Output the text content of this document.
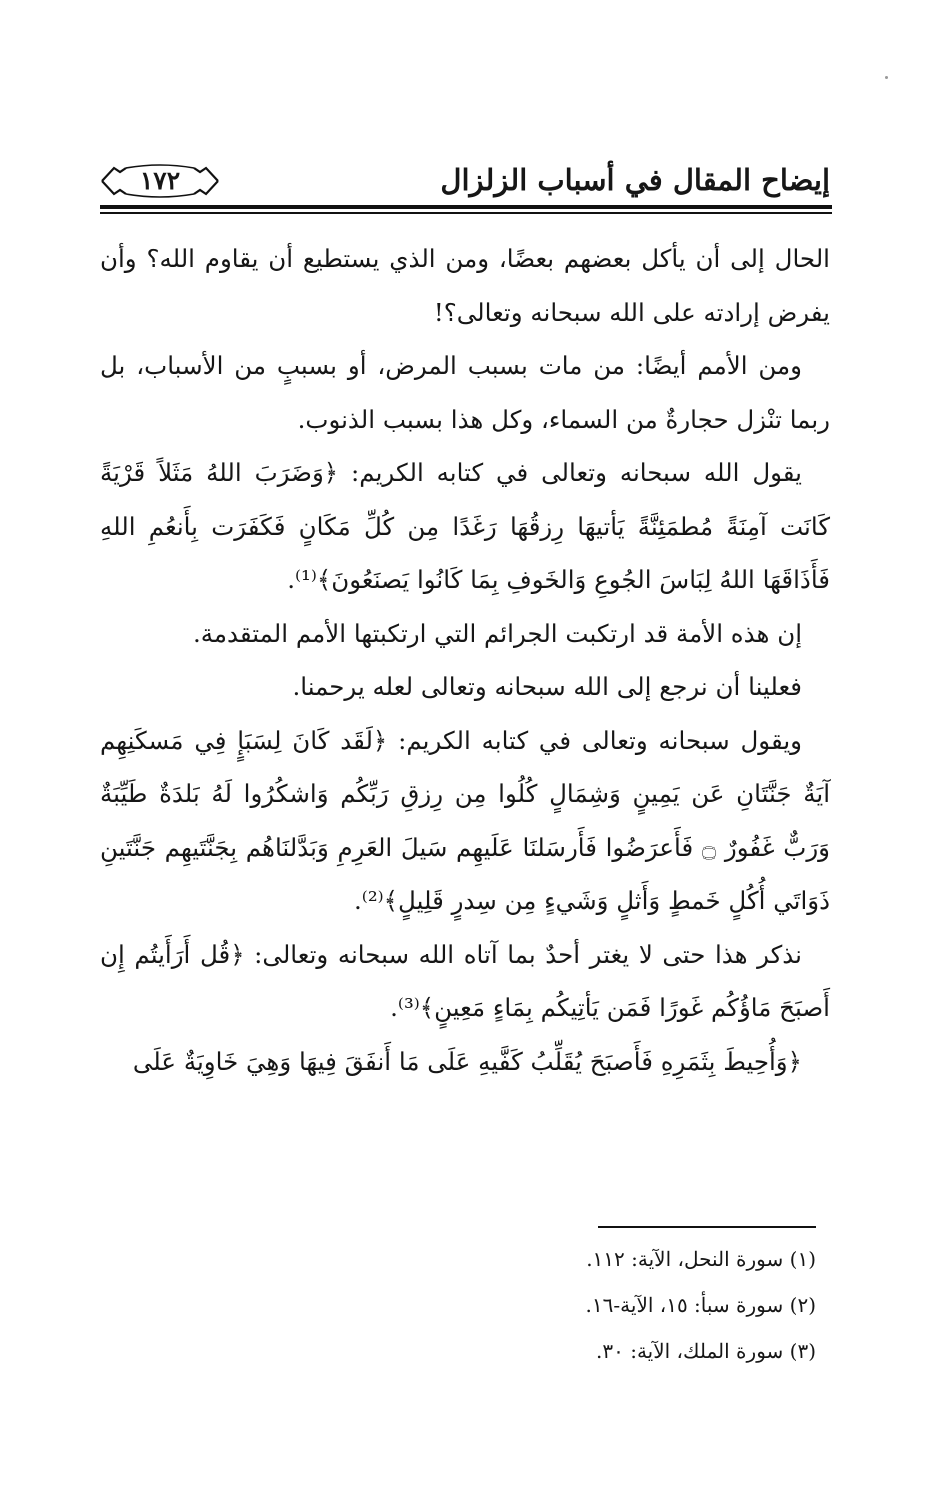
إيضاح المقال في أسباب الزلزال
١٧٢

الحال إلى أن يأكل بعضهم بعضًا، ومن الذي يستطيع أن يقاوم الله؟ وأن يفرض إرادته على الله سبحانه وتعالى؟!

ومن الأمم أيضًا: من مات بسبب المرض، أو بسببٍ من الأسباب، بل ربما تنْزل حجارةٌ من السماء، وكل هذا بسبب الذنوب.

يقول الله سبحانه وتعالى في كتابه الكريم: ﴿وَضَرَبَ اللهُ مَثَلاً قَرْيَةً كَانَت آمِنَةً مُطمَئِنَّةً يَأتيهَا رِزقُهَا رَغَدًا مِن كُلِّ مَكَانٍ فَكَفَرَت بِأَنعُمِ اللهِ فَأَذَاقَهَا اللهُ لِبَاسَ الجُوعِ وَالخَوفِ بِمَا كَانُوا يَصنَعُونَ﴾⁽¹⁾.

إن هذه الأمة قد ارتكبت الجرائم التي ارتكبتها الأمم المتقدمة.

فعلينا أن نرجع إلى الله سبحانه وتعالى لعله يرحمنا.

ويقول سبحانه وتعالى في كتابه الكريم: ﴿لَقَد كَانَ لِسَبَإٍ فِي مَسكَنِهِم آيَةٌ جَنَّتَانِ عَن يَمِينٍ وَشِمَالٍ كُلُوا مِن رِزقِ رَبِّكُم وَاشكُرُوا لَهُ بَلدَةٌ طَيِّبَةٌ وَرَبٌّ غَفُورٌ ۝ فَأَعرَضُوا فَأَرسَلنَا عَلَيهِم سَيلَ العَرِمِ وَبَدَّلنَاهُم بِجَنَّتَيهِم جَنَّتَينِ ذَوَاتَي أُكُلٍ خَمطٍ وَأَثلٍ وَشَيءٍ مِن سِدرٍ قَلِيلٍ﴾⁽²⁾.

نذكر هذا حتى لا يغتر أحدٌ بما آتاه الله سبحانه وتعالى: ﴿قُل أَرَأَيتُم إِن أَصبَحَ مَاؤُكُم غَورًا فَمَن يَأتِيكُم بِمَاءٍ مَعِينٍ﴾⁽³⁾.

﴿وَأُحِيطَ بِثَمَرِهِ فَأَصبَحَ يُقَلِّبُ كَفَّيهِ عَلَى مَا أَنفَقَ فِيهَا وَهِيَ خَاوِيَةٌ عَلَى

(١) سورة النحل، الآية: ١١٢.
(٢) سورة سبأ: ١٥، الآية-١٦.
(٣) سورة الملك، الآية: ٣٠.
